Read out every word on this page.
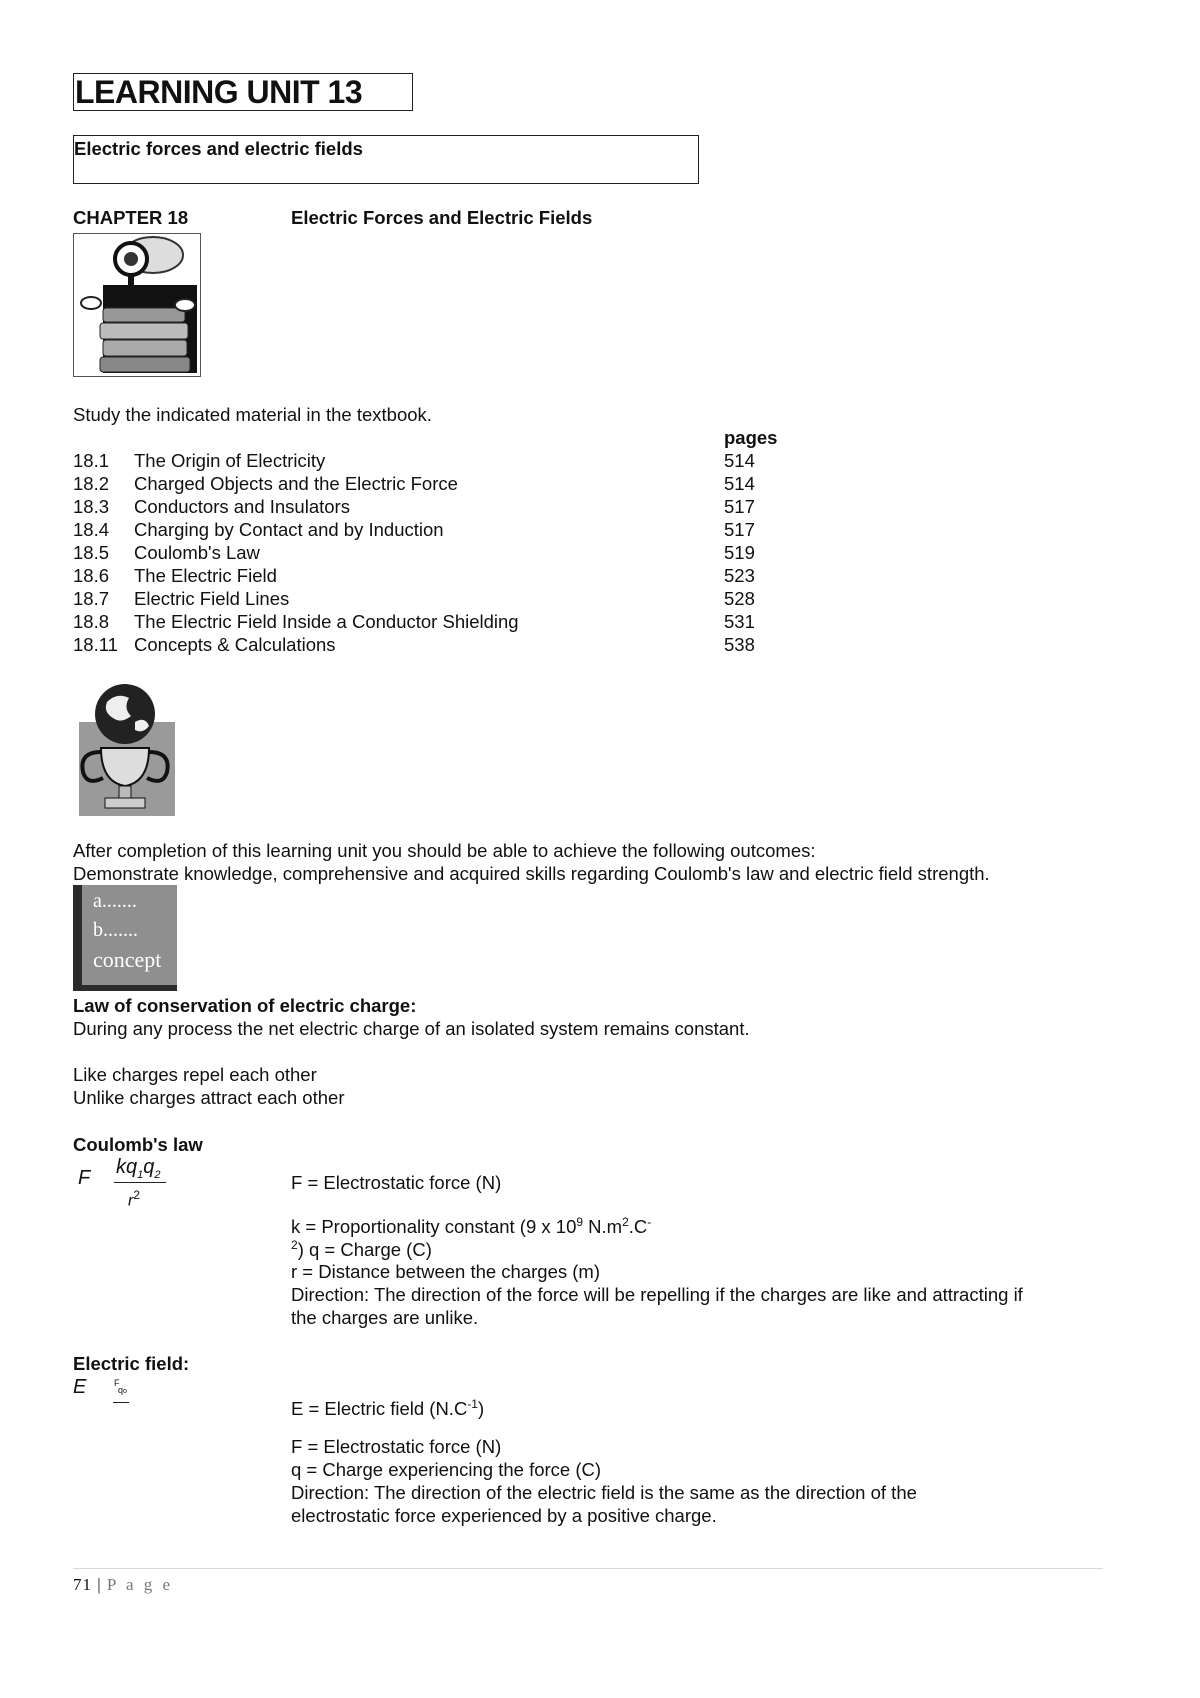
LEARNING UNIT 13
Electric forces and electric fields
CHAPTER 18	Electric Forces and Electric Fields
Study the indicated material in the textbook.
pages
18.1 The Origin of Electricity	514
18.2 Charged Objects and the Electric Force	514
18.3 Conductors and Insulators	517
18.4 Charging by Contact and by Induction	517
18.5 Coulomb's Law	519
18.6 The Electric Field	523
18.7 Electric Field Lines	528
18.8 The Electric Field Inside a Conductor Shielding	531
18.11 Concepts & Calculations	538
After completion of this learning unit you should be able to achieve the following outcomes:
Demonstrate knowledge, comprehensive and acquired skills regarding Coulomb's law and electric field strength.
a.......
b.......
concept
Law of conservation of electric charge:
During any process the net electric charge of an isolated system remains constant.
Like charges repel each other
Unlike charges attract each other
Coulomb's law
F $kq_1q_2$
$r^2$
F = Electrostatic force (N)
k = Proportionality constant (9 x $10^9$ $N.m^2.C^-$
$^2$) q = Charge (C)
r = Distance between the charges (m)
Direction: The direction of the force will be repelling if the charges are like and attracting if
the charges are unlike.
Electric field:
E	F
qo
E = Electric field $(N.C^{-1})$
F = Electrostatic force (N)
q = Charge experiencing the force (C)
Direction: The direction of the electric field is the same as the direction of the
electrostatic force experienced by a positive charge.
71 | P a g e
